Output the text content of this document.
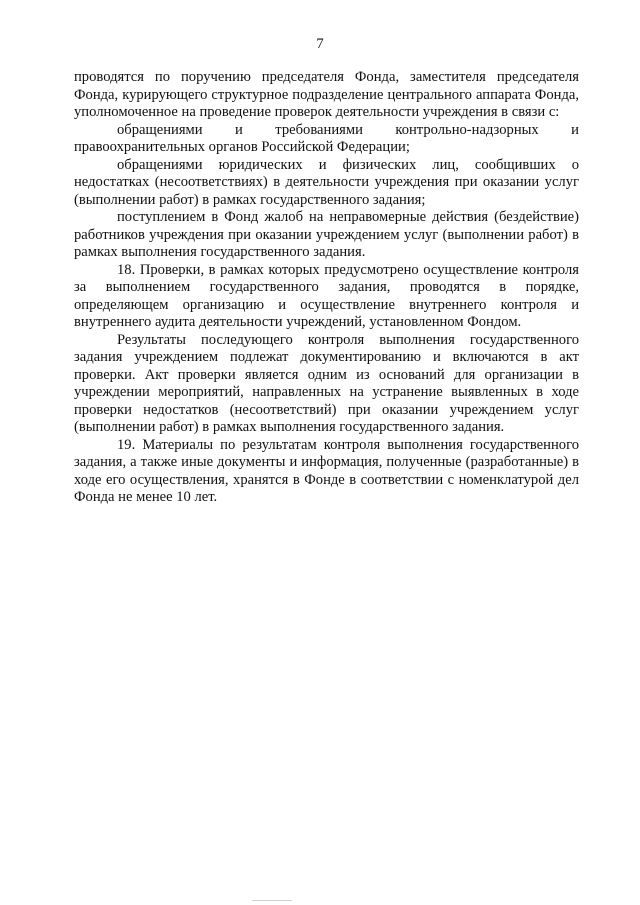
7

проводятся по поручению председателя Фонда, заместителя председателя Фонда, курирующего структурное подразделение центрального аппарата Фонда, уполномоченное на проведение проверок деятельности учреждения в связи с:

обращениями и требованиями контрольно-надзорных и правоохранительных органов Российской Федерации;

обращениями юридических и физических лиц, сообщивших о недостатках (несоответствиях) в деятельности учреждения при оказании услуг (выполнении работ) в рамках государственного задания;

поступлением в Фонд жалоб на неправомерные действия (бездействие) работников учреждения при оказании учреждением услуг (выполнении работ) в рамках выполнения государственного задания.

18. Проверки, в рамках которых предусмотрено осуществление контроля за выполнением государственного задания, проводятся в порядке, определяющем организацию и осуществление внутреннего контроля и внутреннего аудита деятельности учреждений, установленном Фондом.

Результаты последующего контроля выполнения государственного задания учреждением подлежат документированию и включаются в акт проверки. Акт проверки является одним из оснований для организации в учреждении мероприятий, направленных на устранение выявленных в ходе проверки недостатков (несоответствий) при оказании учреждением услуг (выполнении работ) в рамках выполнения государственного задания.

19. Материалы по результатам контроля выполнения государственного задания, а также иные документы и информация, полученные (разработанные) в ходе его осуществления, хранятся в Фонде в соответствии с номенклатурой дел Фонда не менее 10 лет.
